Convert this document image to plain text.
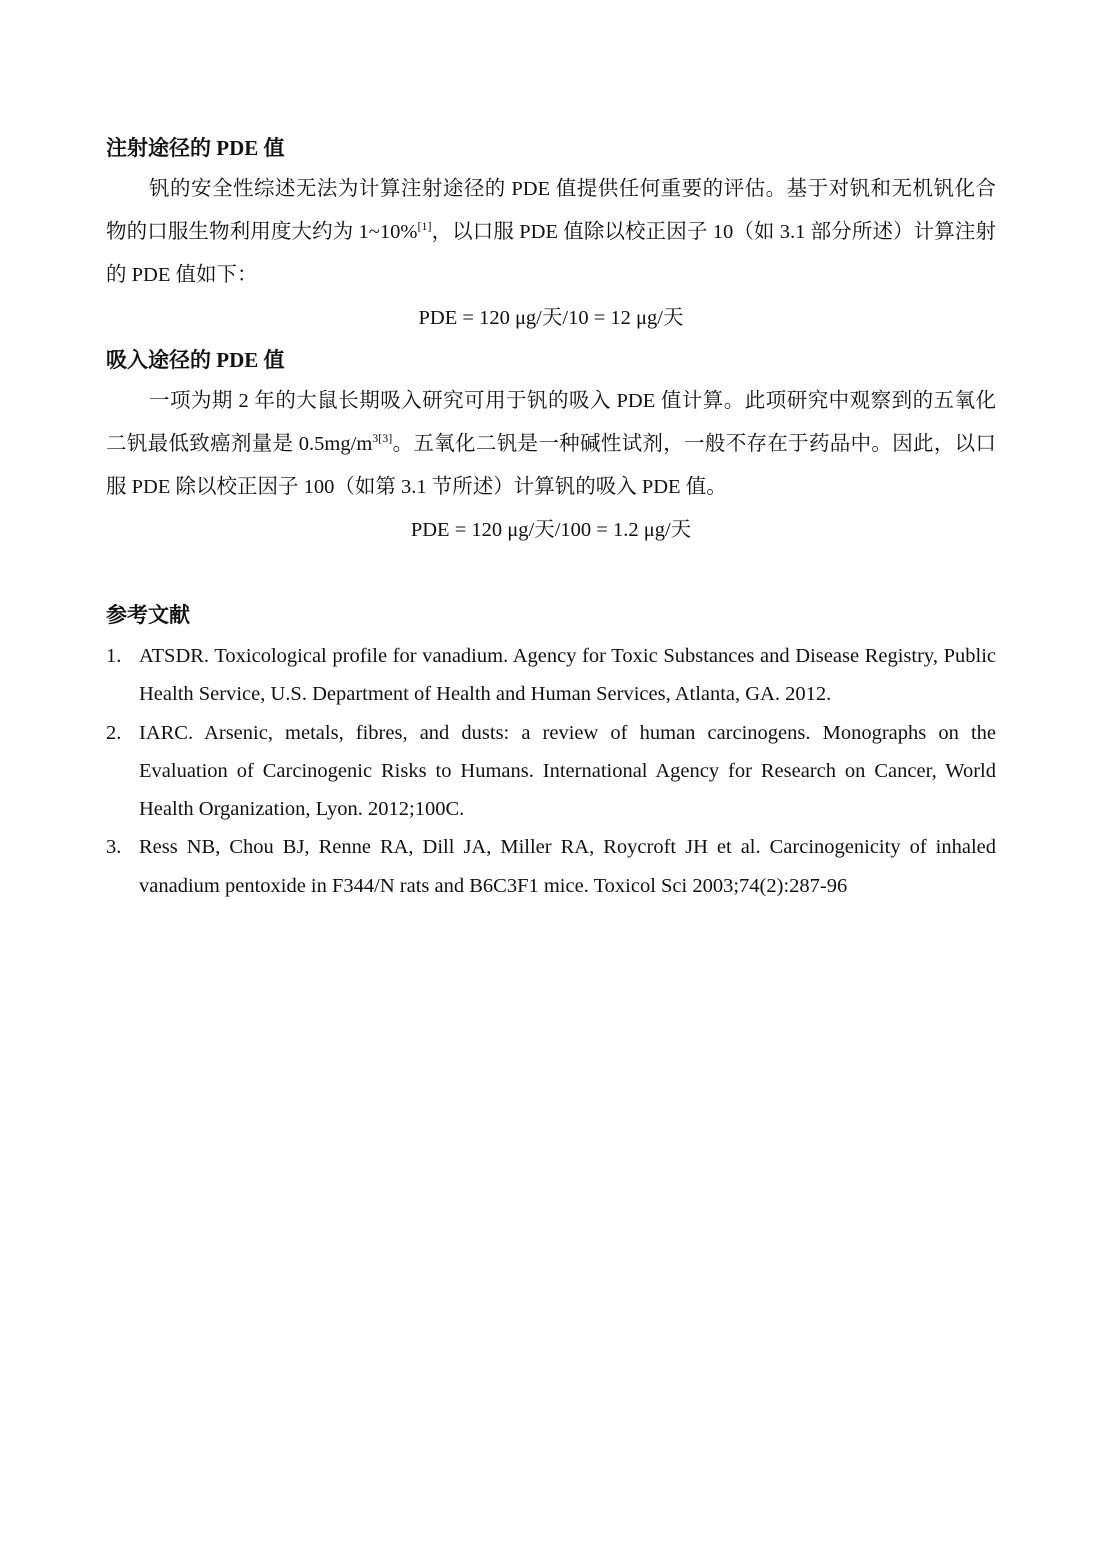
注射途径的 PDE 值

钒的安全性综述无法为计算注射途径的 PDE 值提供任何重要的评估。基于对钒和无机钒化合物的口服生物利用度大约为 1~10%[1]，以口服 PDE 值除以校正因子 10（如 3.1 部分所述）计算注射的 PDE 值如下：

PDE = 120 μg/天/10 = 12 μg/天

吸入途径的 PDE 值

一项为期 2 年的大鼠长期吸入研究可用于钒的吸入 PDE 值计算。此项研究中观察到的五氧化二钒最低致癌剂量是 $0.5mg/m^{3[3]}$。五氧化二钒是一种碱性试剂，一般不存在于药品中。因此，以口服 PDE 除以校正因子 100（如第 3.1 节所述）计算钒的吸入 PDE 值。

PDE = 120 μg/天/100 = 1.2 μg/天

参考文献
1. ATSDR. Toxicological profile for vanadium. Agency for Toxic Substances and Disease Registry, Public Health Service, U.S. Department of Health and Human Services, Atlanta, GA. 2012.
2. IARC. Arsenic, metals, fibres, and dusts: a review of human carcinogens. Monographs on the Evaluation of Carcinogenic Risks to Humans. International Agency for Research on Cancer, World Health Organization, Lyon. 2012;100C.
3. Ress NB, Chou BJ, Renne RA, Dill JA, Miller RA, Roycroft JH et al. Carcinogenicity of inhaled vanadium pentoxide in F344/N rats and B6C3F1 mice. Toxicol Sci 2003;74(2):287-96
